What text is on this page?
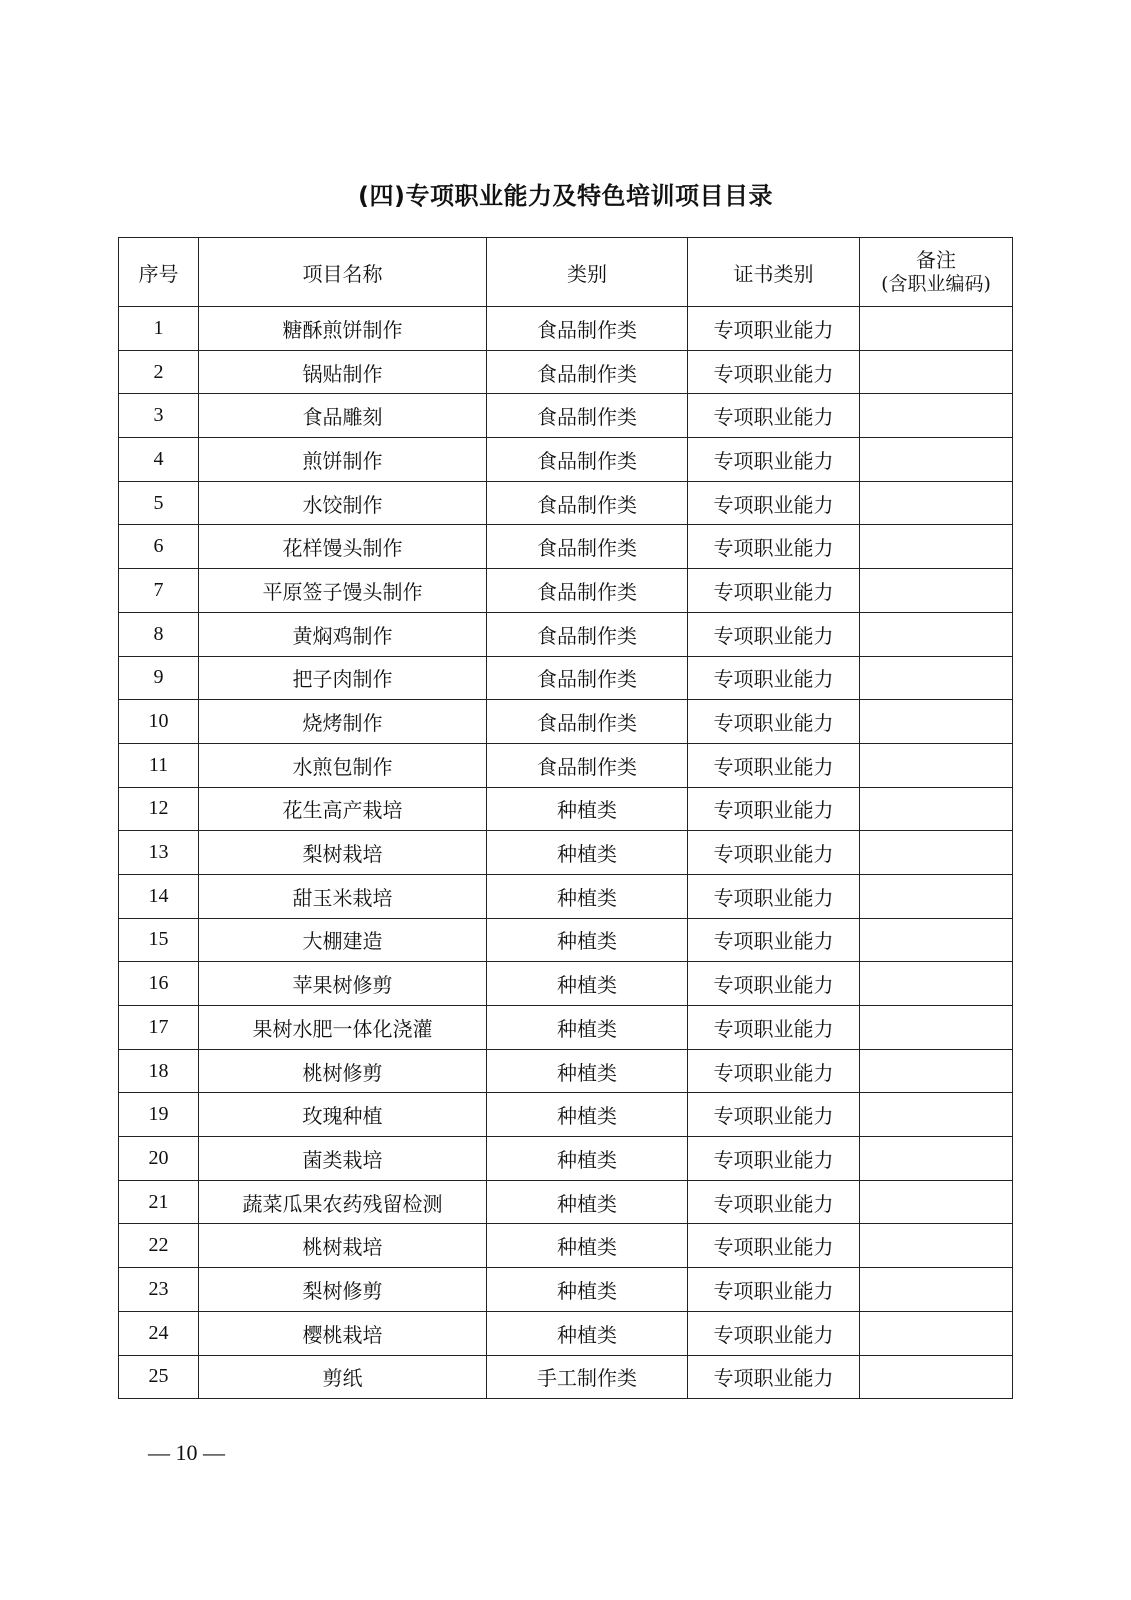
(四)专项职业能力及特色培训项目目录
序号	项目名称	类别	证书类别	备注
(含职业编码)

1	糖酥煎饼制作	食品制作类	专项职业能力	
2	锅贴制作	食品制作类	专项职业能力	
3	食品雕刻	食品制作类	专项职业能力	
4	煎饼制作	食品制作类	专项职业能力	
5	水饺制作	食品制作类	专项职业能力	
6	花样馒头制作	食品制作类	专项职业能力	
7	平原签子馒头制作	食品制作类	专项职业能力	
8	黄焖鸡制作	食品制作类	专项职业能力	
9	把子肉制作	食品制作类	专项职业能力	
10	烧烤制作	食品制作类	专项职业能力	
11	水煎包制作	食品制作类	专项职业能力	
12	花生高产栽培	种植类	专项职业能力	
13	梨树栽培	种植类	专项职业能力	
14	甜玉米栽培	种植类	专项职业能力	
15	大棚建造	种植类	专项职业能力	
16	苹果树修剪	种植类	专项职业能力	
17	果树水肥一体化浇灌	种植类	专项职业能力	
18	桃树修剪	种植类	专项职业能力	
19	玫瑰种植	种植类	专项职业能力	
20	菌类栽培	种植类	专项职业能力	
21	蔬菜瓜果农药残留检测	种植类	专项职业能力	
22	桃树栽培	种植类	专项职业能力	
23	梨树修剪	种植类	专项职业能力	
24	樱桃栽培	种植类	专项职业能力	
25	剪纸	手工制作类	专项职业能力	
— 10 —
